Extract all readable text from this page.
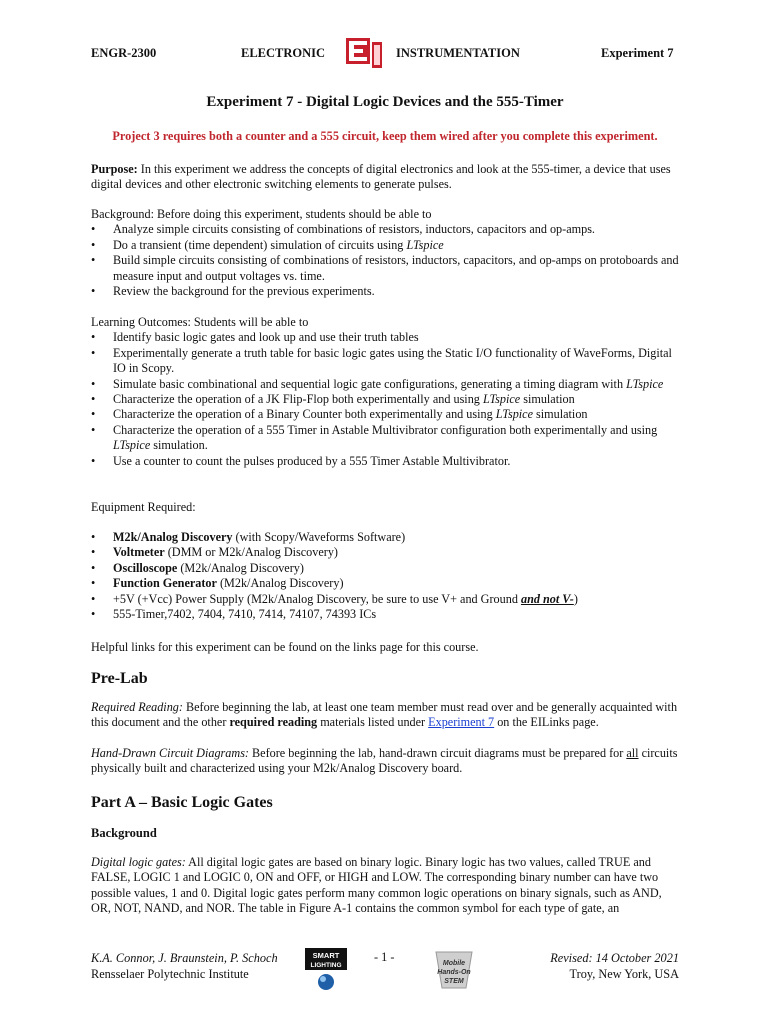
ENGR-2300	ELECTRONIC	INSTRUMENTATION	Experiment 7
Experiment 7 - Digital Logic Devices and the 555-Timer
Project 3 requires both a counter and a 555 circuit, keep them wired after you complete this experiment.
Purpose: In this experiment we address the concepts of digital electronics and look at the 555-timer, a device that uses digital devices and other electronic switching elements to generate pulses.
Background: Before doing this experiment, students should be able to
• Analyze simple circuits consisting of combinations of resistors, inductors, capacitors and op-amps.
• Do a transient (time dependent) simulation of circuits using LTspice
• Build simple circuits consisting of combinations of resistors, inductors, capacitors, and op-amps on protoboards and measure input and output voltages vs. time.
• Review the background for the previous experiments.
Learning Outcomes: Students will be able to
• Identify basic logic gates and look up and use their truth tables
• Experimentally generate a truth table for basic logic gates using the Static I/O functionality of WaveForms, Digital IO in Scopy.
• Simulate basic combinational and sequential logic gate configurations, generating a timing diagram with LTspice
• Characterize the operation of a JK Flip-Flop both experimentally and using LTspice simulation
• Characterize the operation of a Binary Counter both experimentally and using LTspice simulation
• Characterize the operation of a 555 Timer in Astable Multivibrator configuration both experimentally and using LTspice simulation.
• Use a counter to count the pulses produced by a 555 Timer Astable Multivibrator.
Equipment Required:
• M2k/Analog Discovery (with Scopy/Waveforms Software)
• Voltmeter (DMM or M2k/Analog Discovery)
• Oscilloscope (M2k/Analog Discovery)
• Function Generator (M2k/Analog Discovery)
• +5V (+Vcc) Power Supply (M2k/Analog Discovery, be sure to use V+ and Ground and not V-)
• 555-Timer,7402, 7404, 7410, 7414, 74107, 74393 ICs
Helpful links for this experiment can be found on the links page for this course.
Pre-Lab
Required Reading: Before beginning the lab, at least one team member must read over and be generally acquainted with this document and the other required reading materials listed under Experiment 7 on the EILinks page.
Hand-Drawn Circuit Diagrams: Before beginning the lab, hand-drawn circuit diagrams must be prepared for all circuits physically built and characterized using your M2k/Analog Discovery board.
Part A – Basic Logic Gates
Background
Digital logic gates: All digital logic gates are based on binary logic. Binary logic has two values, called TRUE and FALSE, LOGIC 1 and LOGIC 0, ON and OFF, or HIGH and LOW. The corresponding binary number can have two possible values, 1 and 0. Digital logic gates perform many common logic operations on binary signals, such as AND, OR, NOT, NAND, and NOR. The table in Figure A-1 contains the common symbol for each type of gate, an
K.A. Connor, J. Braunstein, P. Schoch
Rensselaer Polytechnic Institute
SMART
LIGHTING
- 1 -	Mobile
Hands-On
STEM
Revised: 14 October 2021
Troy, New York, USA
